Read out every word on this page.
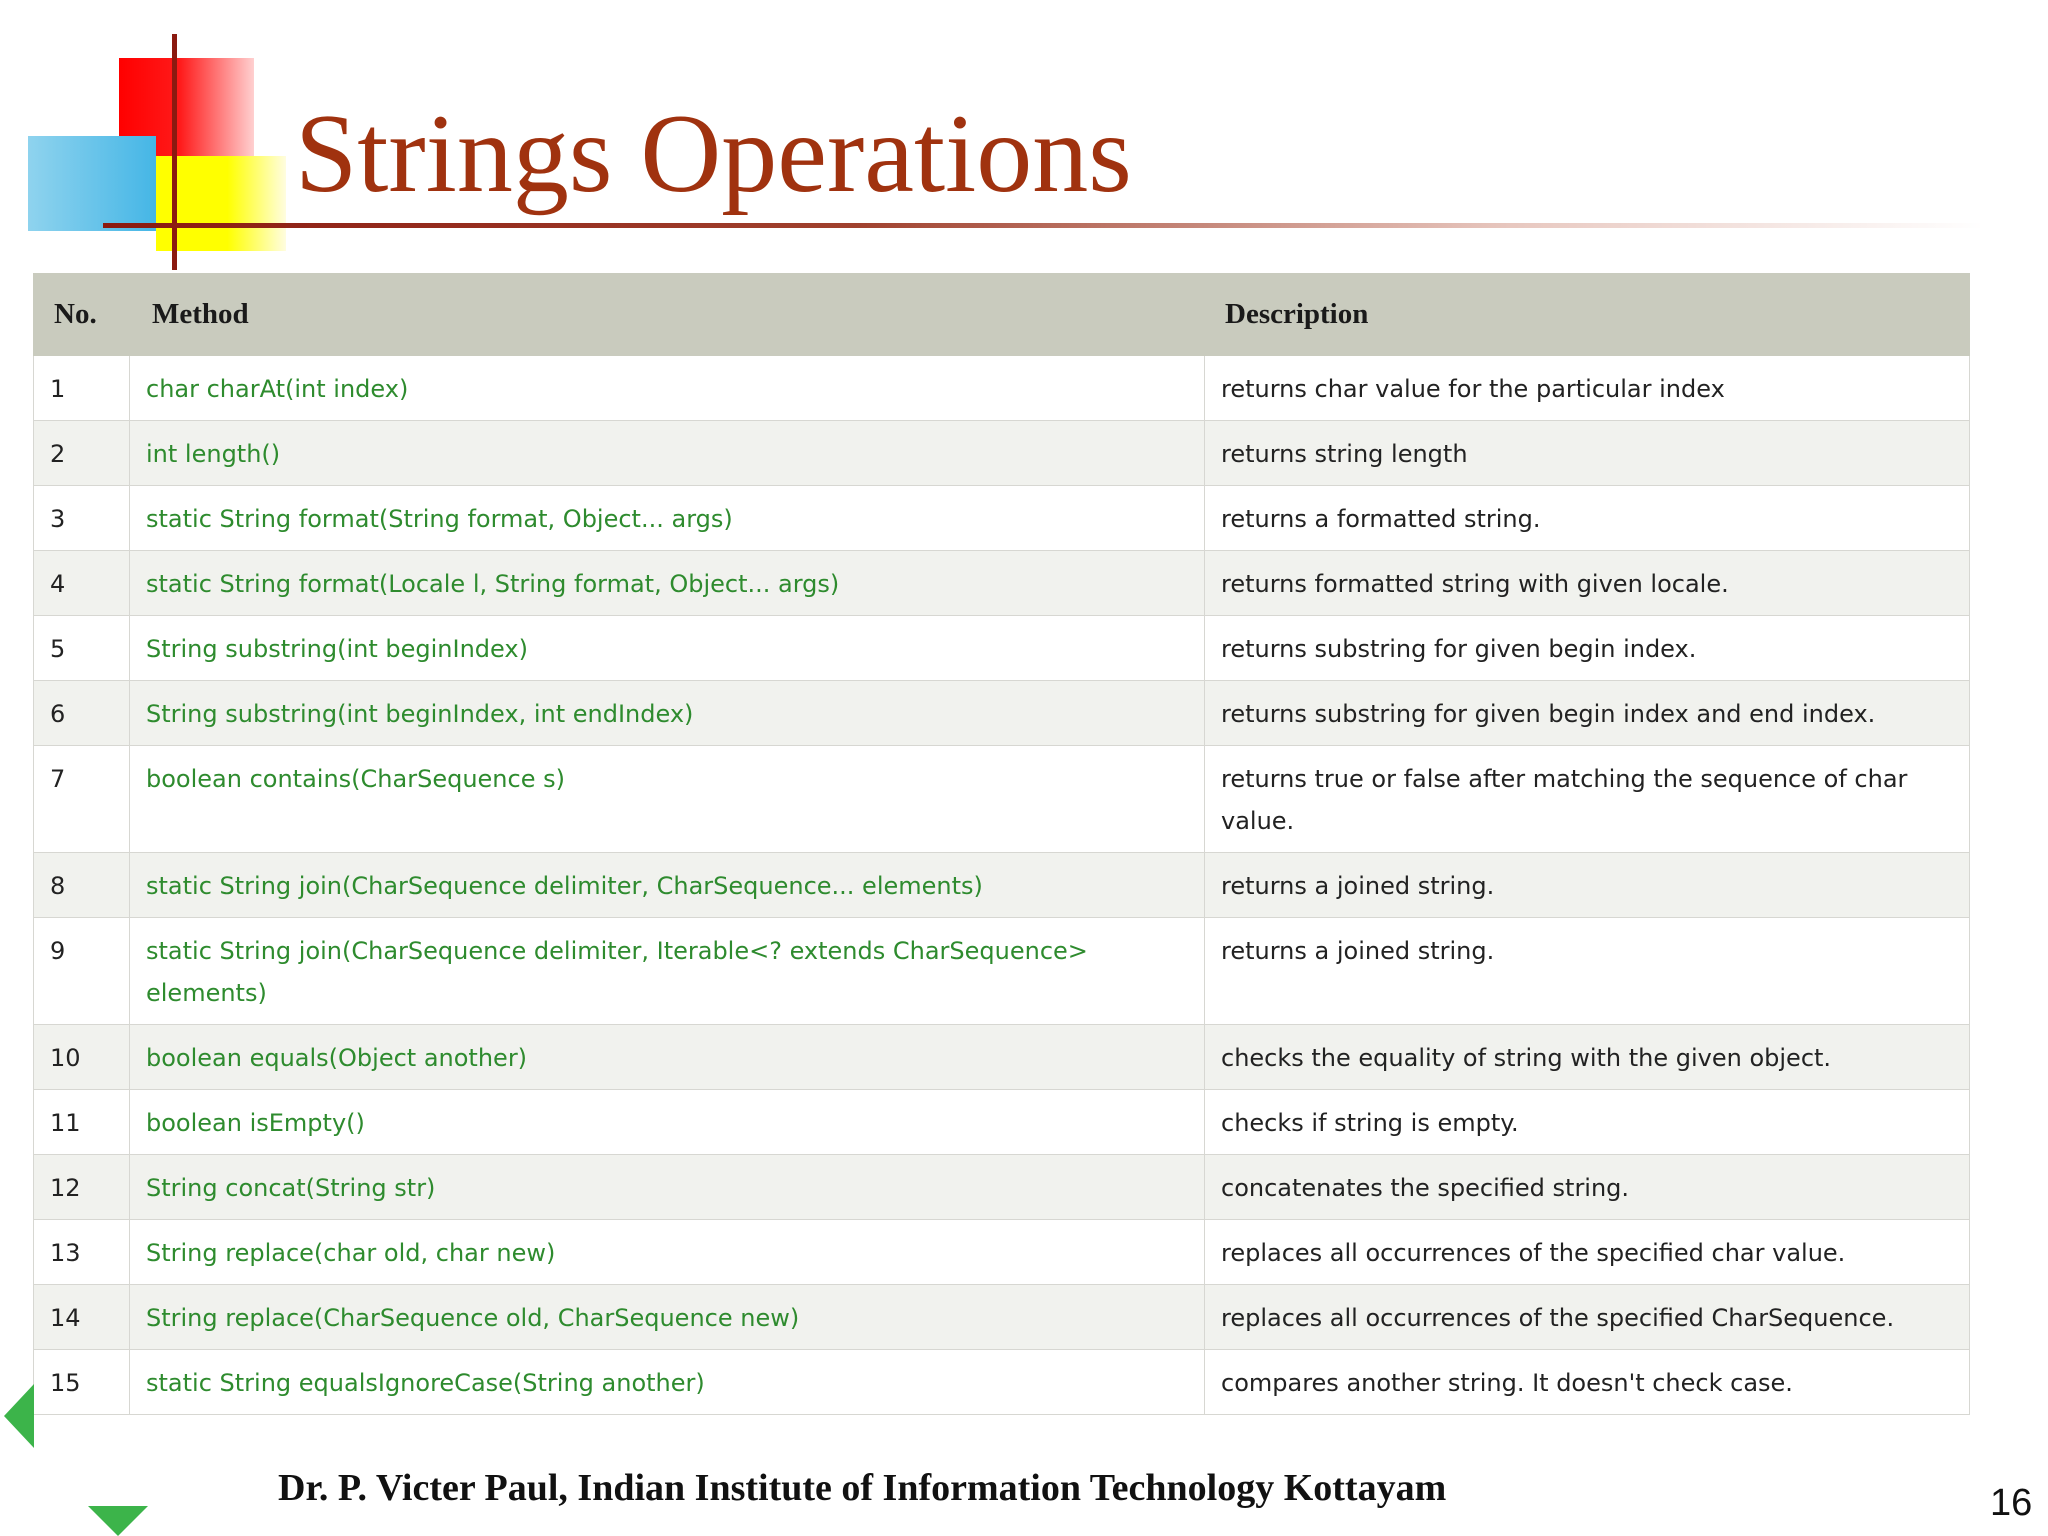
Strings Operations
No.	Method	Description
1	char charAt(int index)	returns char value for the particular index
2	int length()	returns string length
3	static String format(String format, Object... args)	returns a formatted string.
4	static String format(Locale l, String format, Object... args)	returns formatted string with given locale.
5	String substring(int beginIndex)	returns substring for given begin index.
6	String substring(int beginIndex, int endIndex)	returns substring for given begin index and end index.
7	boolean contains(CharSequence s)	returns true or false after matching the sequence of char value.
8	static String join(CharSequence delimiter, CharSequence... elements)	returns a joined string.
9	static String join(CharSequence delimiter, Iterable<? extends CharSequence> elements)	returns a joined string.
10	boolean equals(Object another)	checks the equality of string with the given object.
11	boolean isEmpty()	checks if string is empty.
12	String concat(String str)	concatenates the specified string.
13	String replace(char old, char new)	replaces all occurrences of the specified char value.
14	String replace(CharSequence old, CharSequence new)	replaces all occurrences of the specified CharSequence.
15	static String equalsIgnoreCase(String another)	compares another string. It doesn't check case.
Dr. P. Victer Paul, Indian Institute of Information Technology Kottayam	16
